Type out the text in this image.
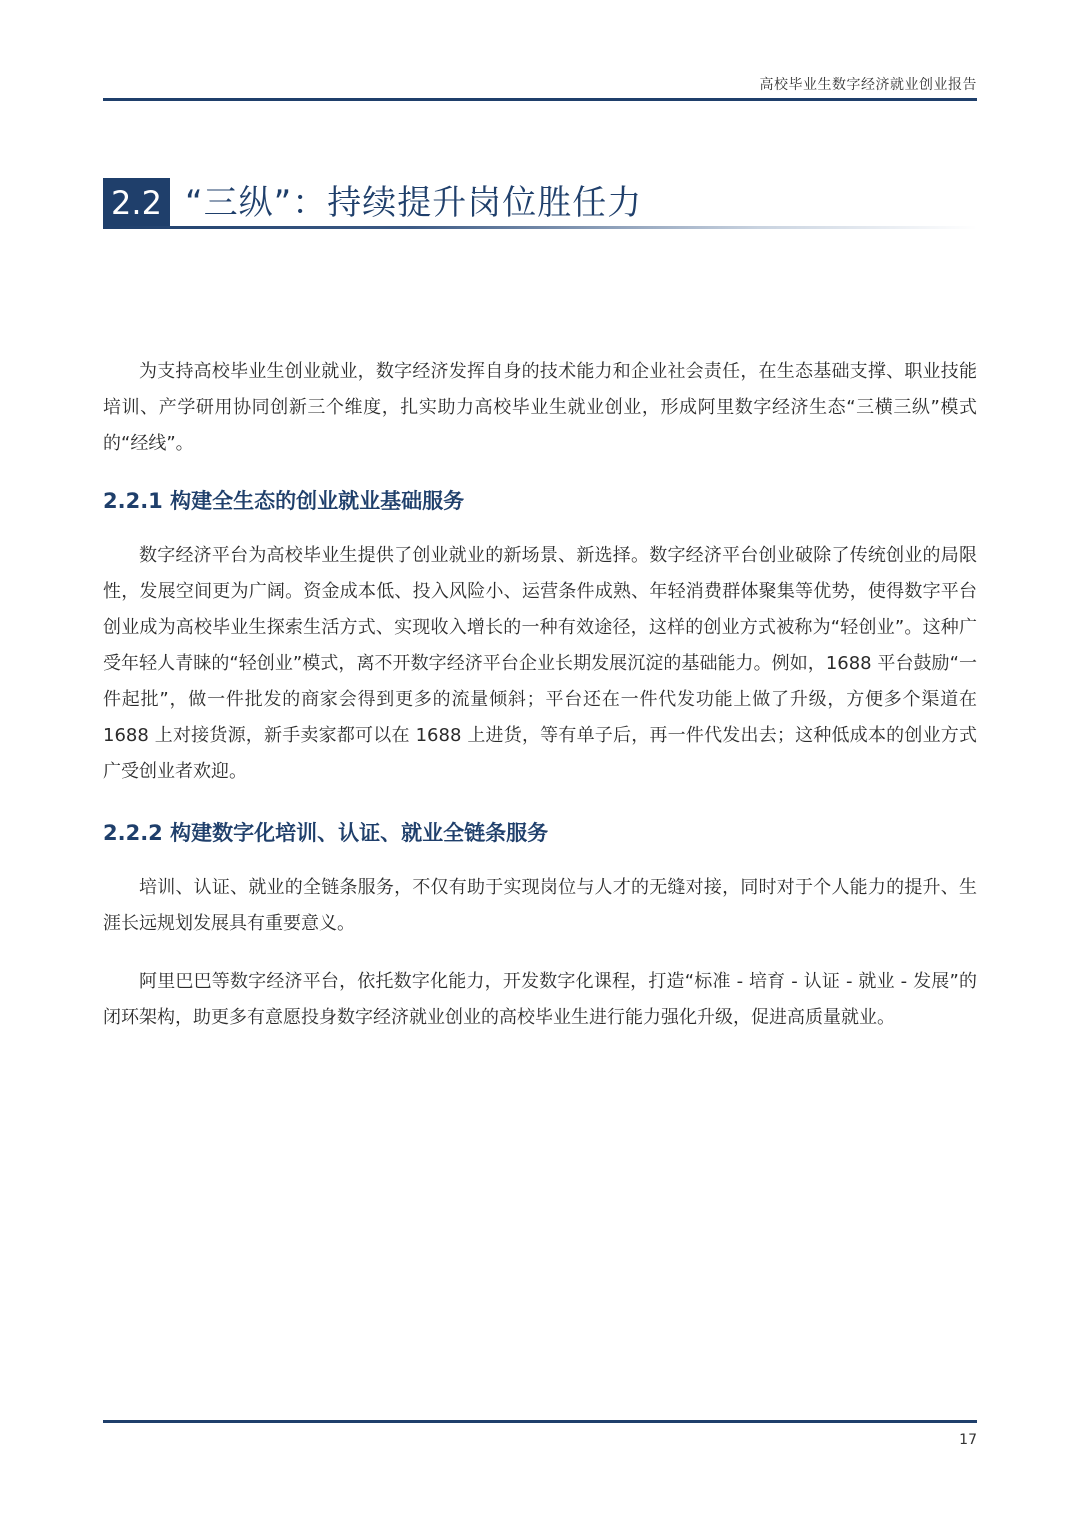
高校毕业生数字经济就业创业报告
2.2 “三纵”：持续提升岗位胜任力

为支持高校毕业生创业就业，数字经济发挥自身的技术能力和企业社会责任，在生态基础支撑、职业技能培训、产学研用协同创新三个维度，扎实助力高校毕业生就业创业，形成阿里数字经济生态“三横三纵”模式的“经线”。

2.2.1 构建全生态的创业就业基础服务

数字经济平台为高校毕业生提供了创业就业的新场景、新选择。数字经济平台创业破除了传统创业的局限性，发展空间更为广阔。资金成本低、投入风险小、运营条件成熟、年轻消费群体聚集等优势，使得数字平台创业成为高校毕业生探索生活方式、实现收入增长的一种有效途径，这样的创业方式被称为“轻创业”。这种广受年轻人青睐的“轻创业”模式，离不开数字经济平台企业长期发展沉淀的基础能力。例如，1688 平台鼓励“一件起批”，做一件批发的商家会得到更多的流量倾斜；平台还在一件代发功能上做了升级，方便多个渠道在 1688 上对接货源，新手卖家都可以在 1688 上进货，等有单子后，再一件代发出去；这种低成本的创业方式广受创业者欢迎。

2.2.2 构建数字化培训、认证、就业全链条服务

培训、认证、就业的全链条服务，不仅有助于实现岗位与人才的无缝对接，同时对于个人能力的提升、生涯长远规划发展具有重要意义。

阿里巴巴等数字经济平台，依托数字化能力，开发数字化课程，打造“标准 - 培育 - 认证 - 就业 - 发展”的闭环架构，助更多有意愿投身数字经济就业创业的高校毕业生进行能力强化升级，促进高质量就业。

17
